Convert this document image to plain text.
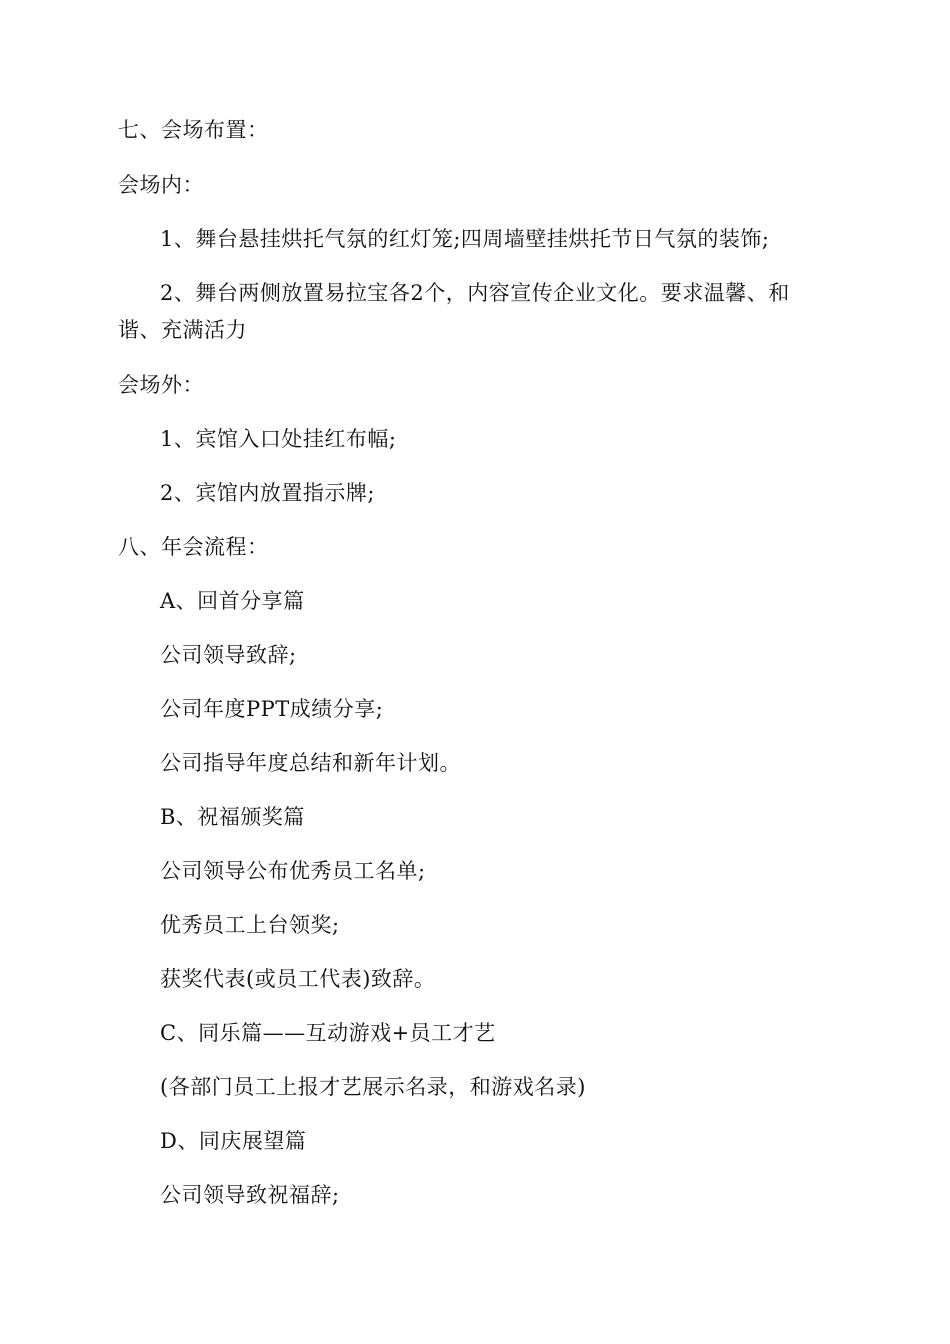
七、会场布置：
会场内：
1、舞台悬挂烘托气氛的红灯笼;四周墙壁挂烘托节日气氛的装饰;
2、舞台两侧放置易拉宝各2个，内容宣传企业文化。要求温馨、和
谐、充满活力
会场外：
1、宾馆入口处挂红布幅;
2、宾馆内放置指示牌;
八、年会流程：
A、回首分享篇
公司领导致辞;
公司年度PPT成绩分享;
公司指导年度总结和新年计划。
B、祝福颁奖篇
公司领导公布优秀员工名单;
优秀员工上台领奖;
获奖代表(或员工代表)致辞。
C、同乐篇——互动游戏+员工才艺
(各部门员工上报才艺展示名录，和游戏名录)
D、同庆展望篇
公司领导致祝福辞;
